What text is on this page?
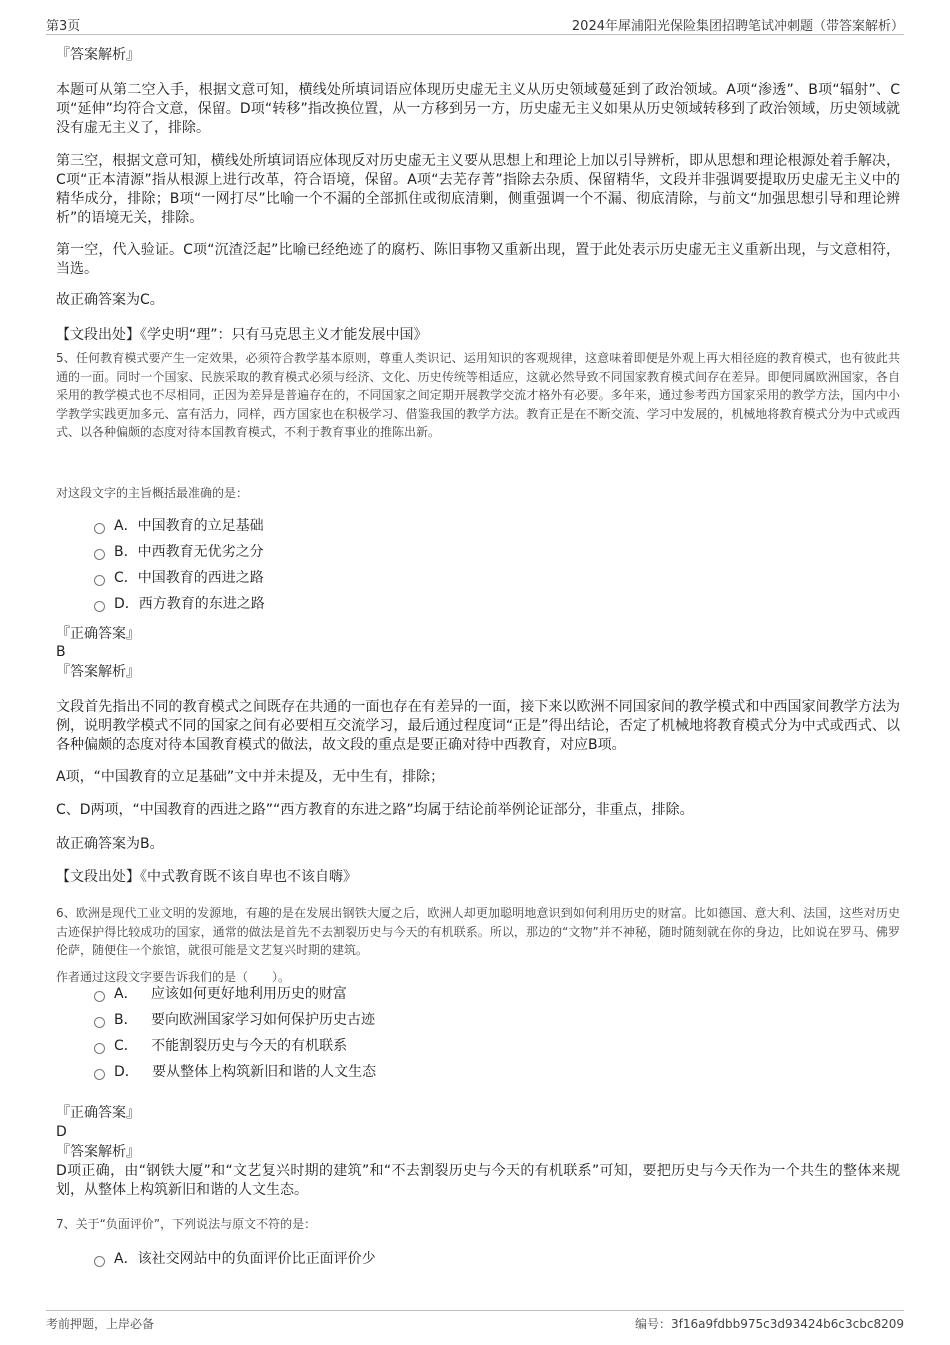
第3页	2024年犀浦阳光保险集团招聘笔试冲刺题（带答案解析）
『答案解析』
本题可从第二空入手，根据文意可知，横线处所填词语应体现历史虚无主义从历史领域蔓延到了政治领域。A项“渗透”、B项“辐射”、C项“延伸”均符合文意，保留。D项“转移”指改换位置，从一方移到另一方，历史虚无主义如果从历史领域转移到了政治领域，历史领域就没有虚无主义了，排除。
第三空，根据文意可知，横线处所填词语应体现反对历史虚无主义要从思想上和理论上加以引导辨析，即从思想和理论根源处着手解决，C项“正本清源”指从根源上进行改革，符合语境，保留。A项“去芜存菁”指除去杂质、保留精华，文段并非强调要提取历史虚无主义中的精华成分，排除；B项“一网打尽”比喻一个不漏的全部抓住或彻底清剿，侧重强调一个不漏、彻底清除，与前文“加强思想引导和理论辨析”的语境无关，排除。
第一空，代入验证。C项“沉渣泛起”比喻已经绝迹了的腐朽、陈旧事物又重新出现，置于此处表示历史虚无主义重新出现，与文意相符，当选。
故正确答案为C。
【文段出处】《学史明“理”：只有马克思主义才能发展中国》
5、任何教育模式要产生一定效果，必须符合教学基本原则，尊重人类识记、运用知识的客观规律，这意味着即便是外观上再大相径庭的教育模式，也有彼此共通的一面。同时一个国家、民族采取的教育模式必须与经济、文化、历史传统等相适应，这就必然导致不同国家教育模式间存在差异。即便同属欧洲国家，各自采用的教学模式也不尽相同，正因为差异是普遍存在的，不同国家之间定期开展教学交流才格外有必要。多年来，通过参考西方国家采用的教学方法，国内中小学教学实践更加多元、富有活力，同样，西方国家也在积极学习、借鉴我国的教学方法。教育正是在不断交流、学习中发展的，机械地将教育模式分为中式或西式、以各种偏颇的态度对待本国教育模式，不利于教育事业的推陈出新。
对这段文字的主旨概括最准确的是：
A．中国教育的立足基础
B．中西教育无优劣之分
C．中国教育的西进之路
D．西方教育的东进之路
『正确答案』
B
『答案解析』
文段首先指出不同的教育模式之间既存在共通的一面也存在有差异的一面，接下来以欧洲不同国家间的教学模式和中西国家间教学方法为例，说明教学模式不同的国家之间有必要相互交流学习，最后通过程度词“正是”得出结论，否定了机械地将教育模式分为中式或西式、以各种偏颇的态度对待本国教育模式的做法，故文段的重点是要正确对待中西教育，对应B项。
A项，“中国教育的立足基础”文中并未提及，无中生有，排除；
C、D两项，“中国教育的西进之路”“西方教育的东进之路”均属于结论前举例论证部分，非重点，排除。
故正确答案为B。
【文段出处】《中式教育既不该自卑也不该自嗨》
6、欧洲是现代工业文明的发源地，有趣的是在发展出钢铁大厦之后，欧洲人却更加聪明地意识到如何利用历史的财富。比如德国、意大利、法国，这些对历史古迹保护得比较成功的国家，通常的做法是首先不去割裂历史与今天的有机联系。所以，那边的“文物”并不神秘，随时随刻就在你的身边，比如说在罗马、佛罗伦萨，随便住一个旅馆，就很可能是文艺复兴时期的建筑。
作者通过这段文字要告诉我们的是（　　）。
A．   应该如何更好地利用历史的财富
B．   要向欧洲国家学习如何保护历史古迹
C．   不能割裂历史与今天的有机联系
D．   要从整体上构筑新旧和谐的人文生态
『正确答案』
D
『答案解析』
D项正确，由“钢铁大厦”和“文艺复兴时期的建筑”和“不去割裂历史与今天的有机联系”可知，要把历史与今天作为一个共生的整体来规划，从整体上构筑新旧和谐的人文生态。
7、关于“负面评价”，下列说法与原文不符的是：
A．该社交网站中的负面评价比正面评价少
考前押题，上岸必备	编号：3f16a9fdbb975c3d93424b6c3cbc8209
